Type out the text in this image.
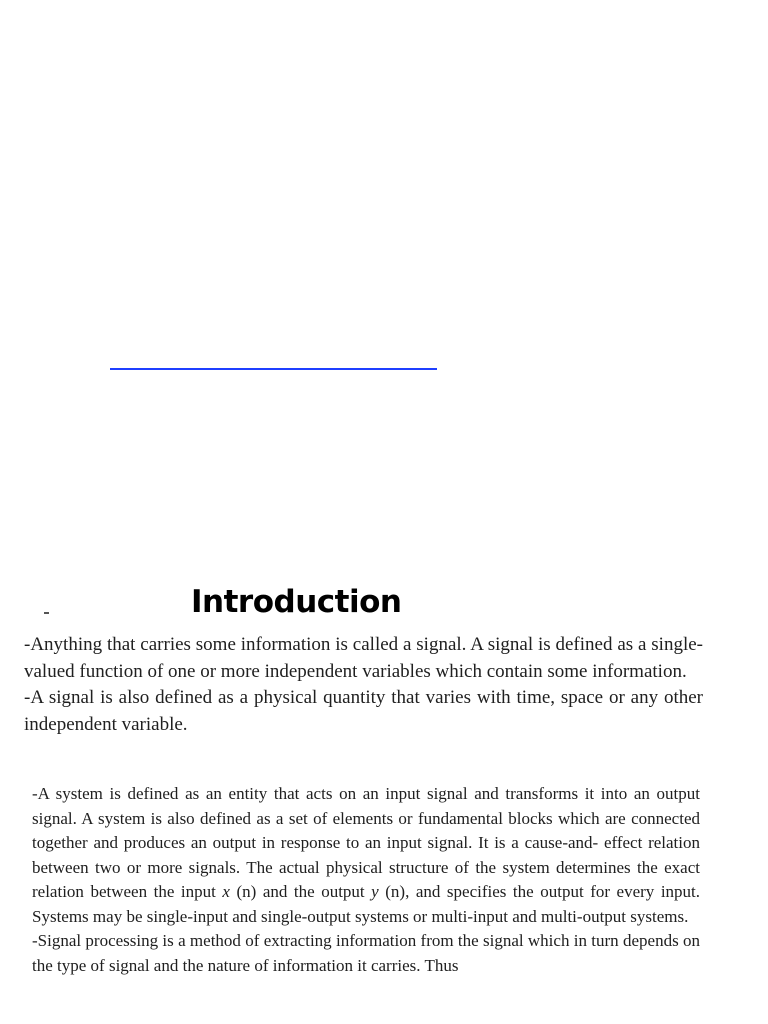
Introduction

-Anything that carries some information is called a signal. A signal is defined as a single-valued function of one or more independent variables which contain some information.

-A signal is also defined as a physical quantity that varies with time, space or any other independent variable.

-A system is defined as an entity that acts on an input signal and transforms it into an output signal. A system is also defined as a set of elements or fundamental blocks which are connected together and produces an output in response to an input signal. It is a cause-and- effect relation between two or more signals. The actual physical structure of the system determines the exact relation between the input x (n) and the output y (n), and specifies the output for every input. Systems may be single-input and single-output systems or multi-input and multi-output systems.

-Signal processing is a method of extracting information from the signal which in turn depends on the type of signal and the nature of information it carries. Thus
